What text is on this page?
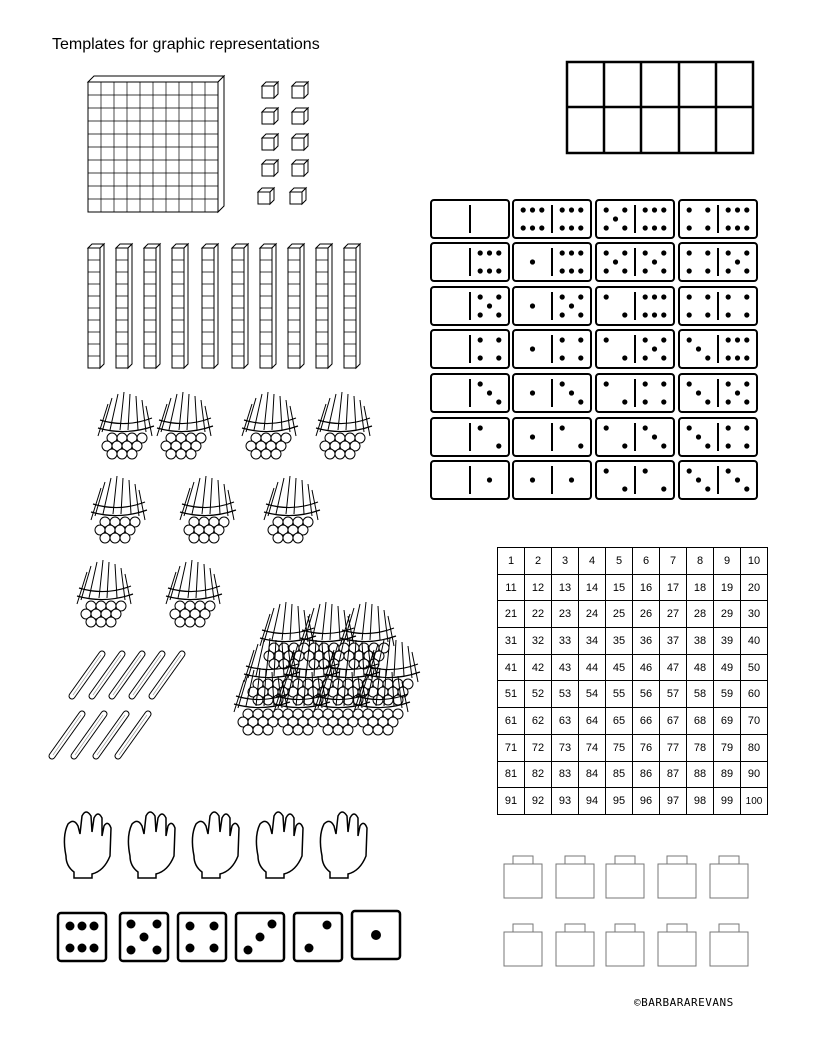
Templates for graphic representations
1	2	3	4	5	6	7	8	9	10
11	12	13	14	15	16	17	18	19	20
21	22	23	24	25	26	27	28	29	30
31	32	33	34	35	36	37	38	39	40
41	42	43	44	45	46	47	48	49	50
51	52	53	54	55	56	57	58	59	60
61	62	63	64	65	66	67	68	69	70
71	72	73	74	75	76	77	78	79	80
81	82	83	84	85	86	87	88	89	90
91	92	93	94	95	96	97	98	99	100
©BARBARAREVANS
